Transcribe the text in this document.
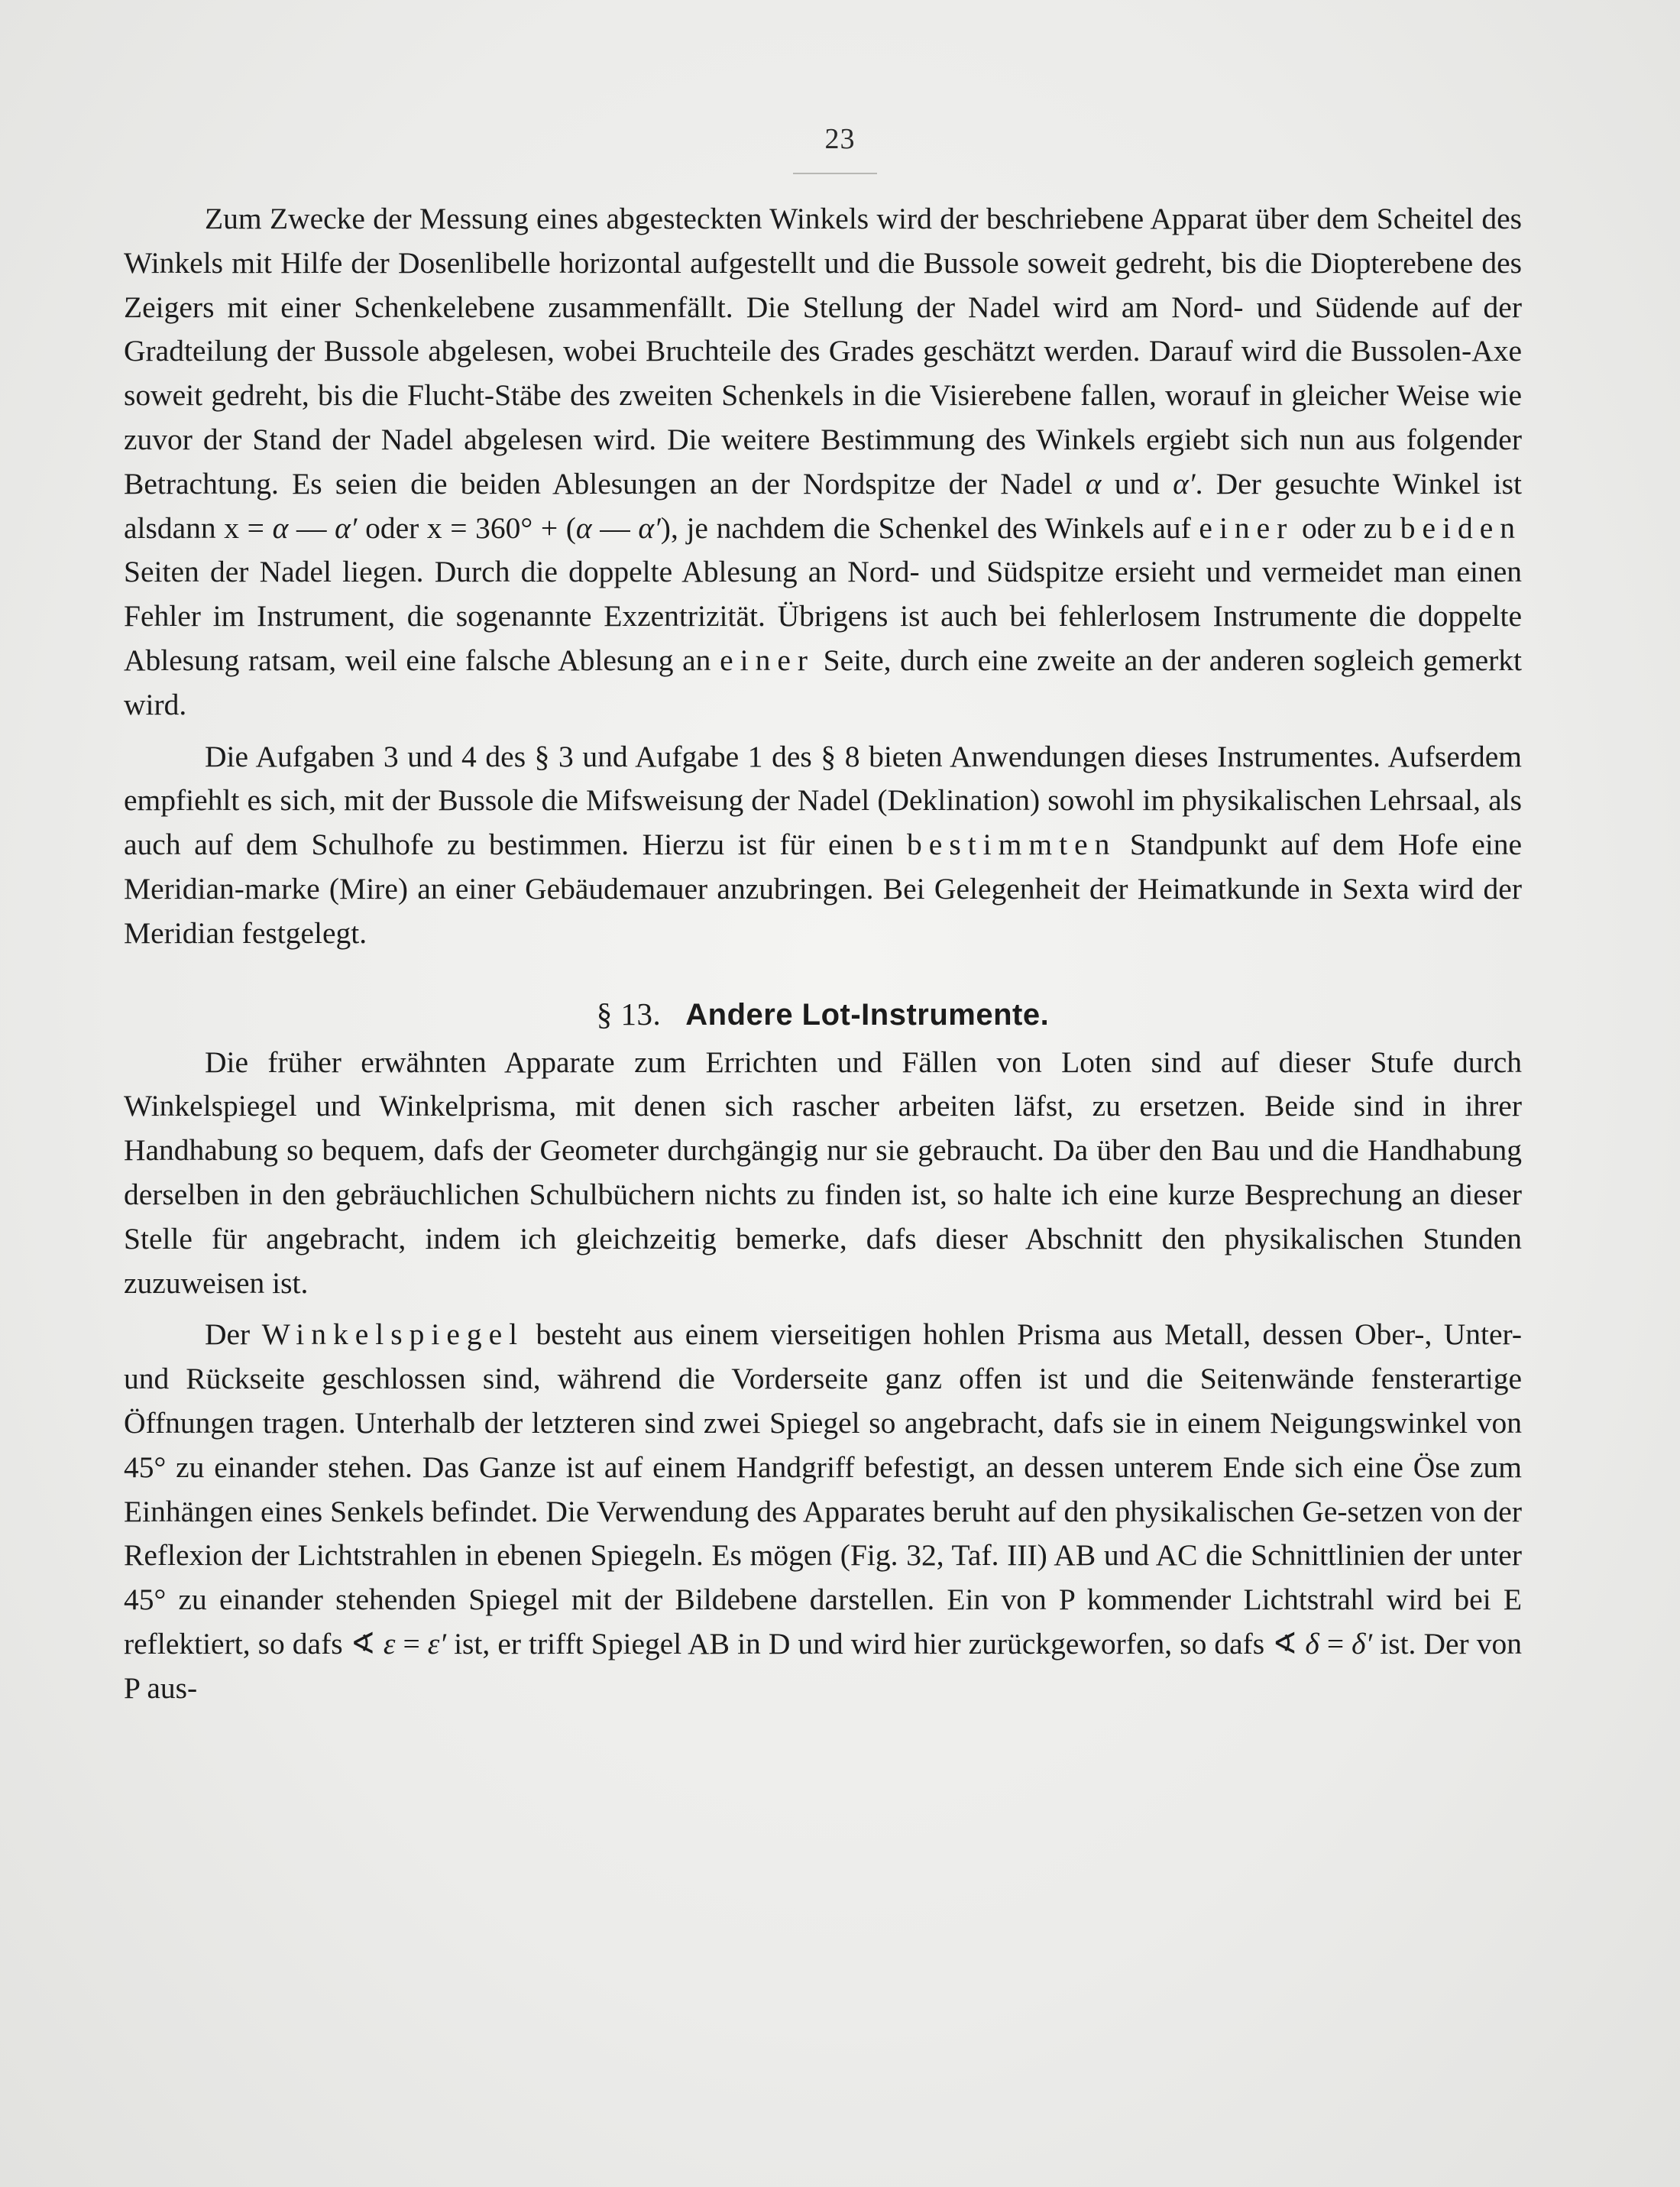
23

Zum Zwecke der Messung eines abgesteckten Winkels wird der beschriebene Apparat über dem Scheitel des Winkels mit Hilfe der Dosenlibelle horizontal aufgestellt und die Bussole soweit gedreht, bis die Diopterebene des Zeigers mit einer Schenkelebene zusammenfällt. Die Stellung der Nadel wird am Nord- und Südende auf der Gradteilung der Bussole abgelesen, wobei Bruchteile des Grades geschätzt werden. Darauf wird die Bussolen-Axe soweit gedreht, bis die Flucht-Stäbe des zweiten Schenkels in die Visierebene fallen, worauf in gleicher Weise wie zuvor der Stand der Nadel abgelesen wird. Die weitere Bestimmung des Winkels ergiebt sich nun aus folgender Betrachtung. Es seien die beiden Ablesungen an der Nordspitze der Nadel α und α′. Der gesuchte Winkel ist alsdann x = α — α′ oder x = 360° + (α — α′), je nachdem die Schenkel des Winkels auf einer oder zu beiden Seiten der Nadel liegen. Durch die doppelte Ablesung an Nord- und Südspitze ersieht und vermeidet man einen Fehler im Instrument, die sogenannte Exzentrizität. Übrigens ist auch bei fehlerlosem Instrumente die doppelte Ablesung ratsam, weil eine falsche Ablesung an einer Seite, durch eine zweite an der anderen sogleich gemerkt wird.

Die Aufgaben 3 und 4 des § 3 und Aufgabe 1 des § 8 bieten Anwendungen dieses Instrumentes. Aufserdem empfiehlt es sich, mit der Bussole die Mifsweisung der Nadel (Deklination) sowohl im physikalischen Lehrsaal, als auch auf dem Schulhofe zu bestimmen. Hierzu ist für einen bestimmten Standpunkt auf dem Hofe eine Meridian-marke (Mire) an einer Gebäudemauer anzubringen. Bei Gelegenheit der Heimatkunde in Sexta wird der Meridian festgelegt.

§ 13. Andere Lot-Instrumente.

Die früher erwähnten Apparate zum Errichten und Fällen von Loten sind auf dieser Stufe durch Winkelspiegel und Winkelprisma, mit denen sich rascher arbeiten läfst, zu ersetzen. Beide sind in ihrer Handhabung so bequem, dafs der Geometer durchgängig nur sie gebraucht. Da über den Bau und die Handhabung derselben in den gebräuchlichen Schulbüchern nichts zu finden ist, so halte ich eine kurze Besprechung an dieser Stelle für angebracht, indem ich gleichzeitig bemerke, dafs dieser Abschnitt den physikalischen Stunden zuzuweisen ist.

Der Winkelspiegel besteht aus einem vierseitigen hohlen Prisma aus Metall, dessen Ober-, Unter- und Rückseite geschlossen sind, während die Vorderseite ganz offen ist und die Seitenwände fensterartige Öffnungen tragen. Unterhalb der letzteren sind zwei Spiegel so angebracht, dafs sie in einem Neigungswinkel von 45° zu einander stehen. Das Ganze ist auf einem Handgriff befestigt, an dessen unterem Ende sich eine Öse zum Einhängen eines Senkels befindet. Die Verwendung des Apparates beruht auf den physikalischen Ge-setzen von der Reflexion der Lichtstrahlen in ebenen Spiegeln. Es mögen (Fig. 32, Taf. III) AB und AC die Schnittlinien der unter 45° zu einander stehenden Spiegel mit der Bildebene darstellen. Ein von P kommender Lichtstrahl wird bei E reflektiert, so dafs ∢ ε = ε′ ist, er trifft Spiegel AB in D und wird hier zurückgeworfen, so dafs ∢ δ = δ′ ist. Der von P aus-
